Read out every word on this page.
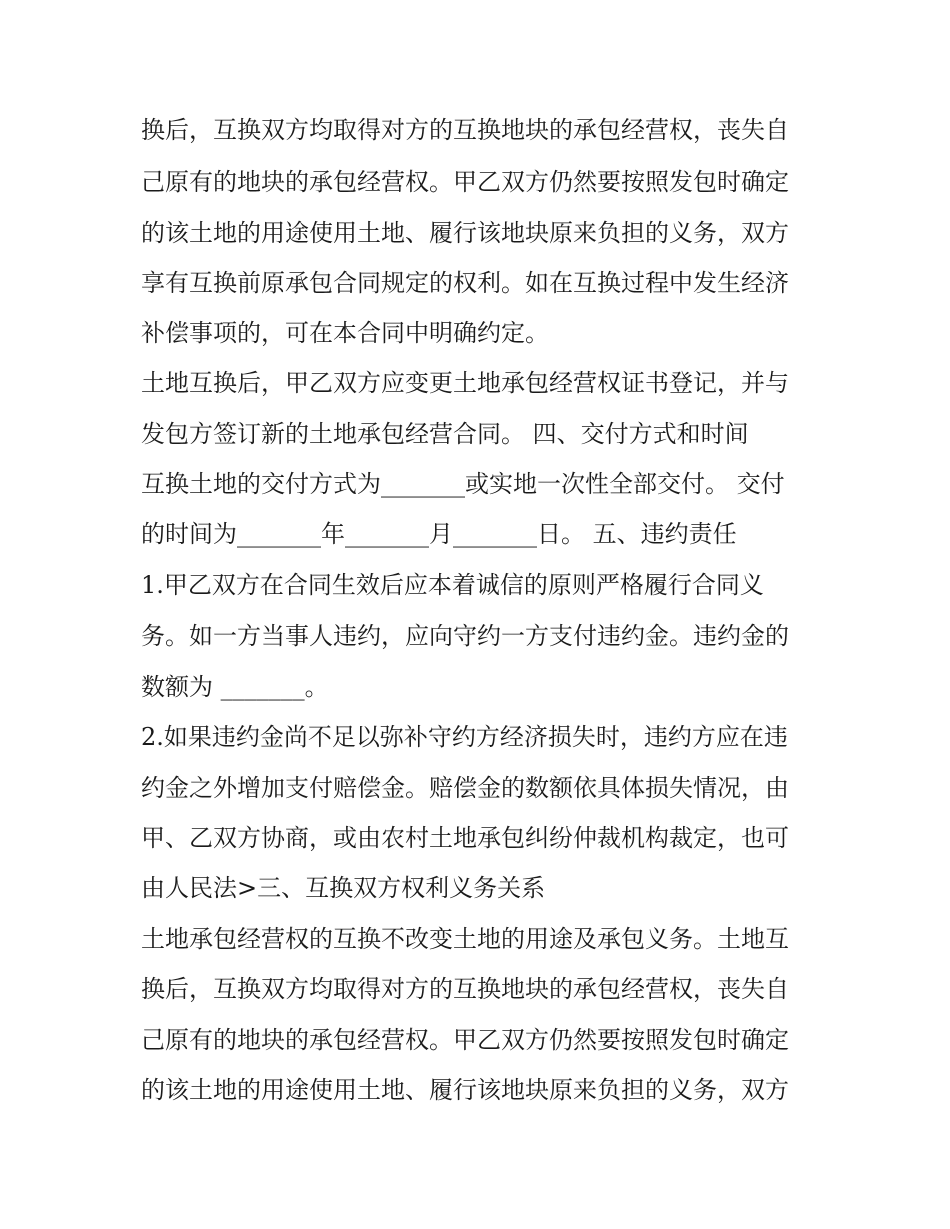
换后，互换双方均取得对方的互换地块的承包经营权，丧失自
己原有的地块的承包经营权。甲乙双方仍然要按照发包时确定
的该土地的用途使用土地、履行该地块原来负担的义务，双方
享有互换前原承包合同规定的权利。如在互换过程中发生经济
补偿事项的，可在本合同中明确约定。
土地互换后，甲乙双方应变更土地承包经营权证书登记，并与
发包方签订新的土地承包经营合同。 四、交付方式和时间
互换土地的交付方式为_______或实地一次性全部交付。 交付
的时间为_______年_______月_______日。 五、违约责任
1.甲乙双方在合同生效后应本着诚信的原则严格履行合同义
务。如一方当事人违约，应向守约一方支付违约金。违约金的
数额为 _______。
2.如果违约金尚不足以弥补守约方经济损失时，违约方应在违
约金之外增加支付赔偿金。赔偿金的数额依具体损失情况，由
甲、乙双方协商，或由农村土地承包纠纷仲裁机构裁定，也可
由人民法>三、互换双方权利义务关系
土地承包经营权的互换不改变土地的用途及承包义务。土地互
换后，互换双方均取得对方的互换地块的承包经营权，丧失自
己原有的地块的承包经营权。甲乙双方仍然要按照发包时确定
的该土地的用途使用土地、履行该地块原来负担的义务，双方
